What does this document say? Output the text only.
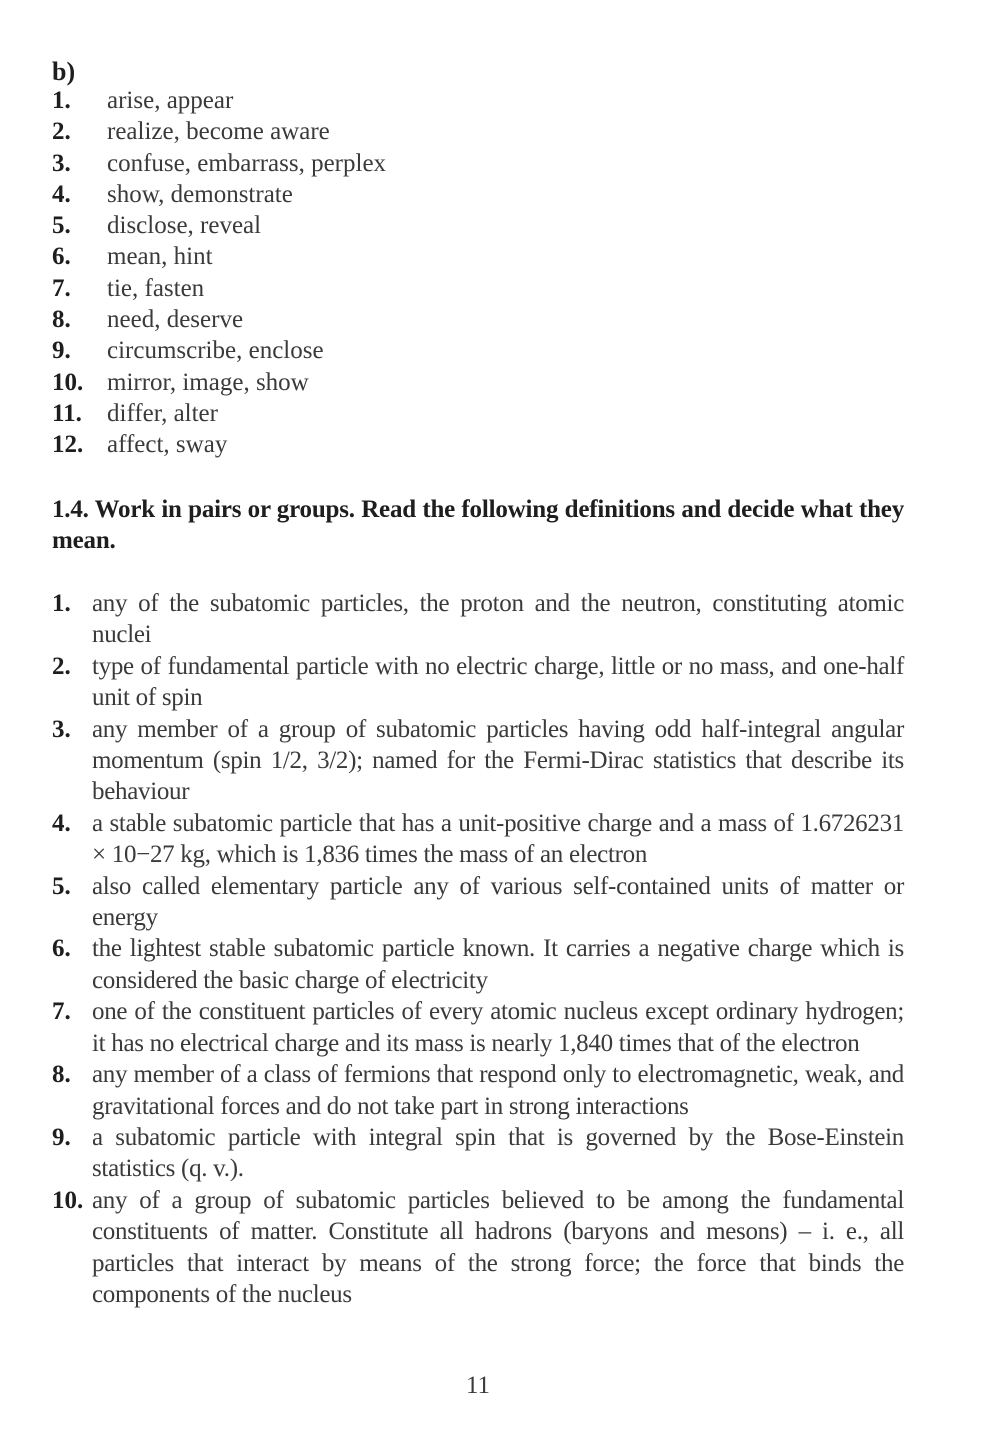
b)
1. arise, appear
2. realize, become aware
3. confuse, embarrass, perplex
4. show, demonstrate
5. disclose, reveal
6. mean, hint
7. tie, fasten
8. need, deserve
9. circumscribe, enclose
10. mirror, image, show
11. differ, alter
12. affect, sway
1.4. Work in pairs or groups. Read the following definitions and decide what they mean.
1. any of the subatomic particles, the proton and the neutron, constituting atomic nuclei
2. type of fundamental particle with no electric charge, little or no mass, and one-half unit of spin
3. any member of a group of subatomic particles having odd half-integral angular momentum (spin 1/2, 3/2); named for the Fermi-Dirac statistics that describe its behaviour
4. a stable subatomic particle that has a unit-positive charge and a mass of 1.6726231 × 10−27 kg, which is 1,836 times the mass of an electron
5. also called elementary particle any of various self-contained units of matter or energy
6. the lightest stable subatomic particle known. It carries a negative charge which is considered the basic charge of electricity
7. one of the constituent particles of every atomic nucleus except ordinary hydrogen; it has no electrical charge and its mass is nearly 1,840 times that of the electron
8. any member of a class of fermions that respond only to electromagnetic, weak, and gravitational forces and do not take part in strong interactions
9. a subatomic particle with integral spin that is governed by the Bose-Einstein statistics (q. v.).
10. any of a group of subatomic particles believed to be among the fundamental constituents of matter. Constitute all hadrons (baryons and mesons) – i. e., all particles that interact by means of the strong force; the force that binds the components of the nucleus
11
